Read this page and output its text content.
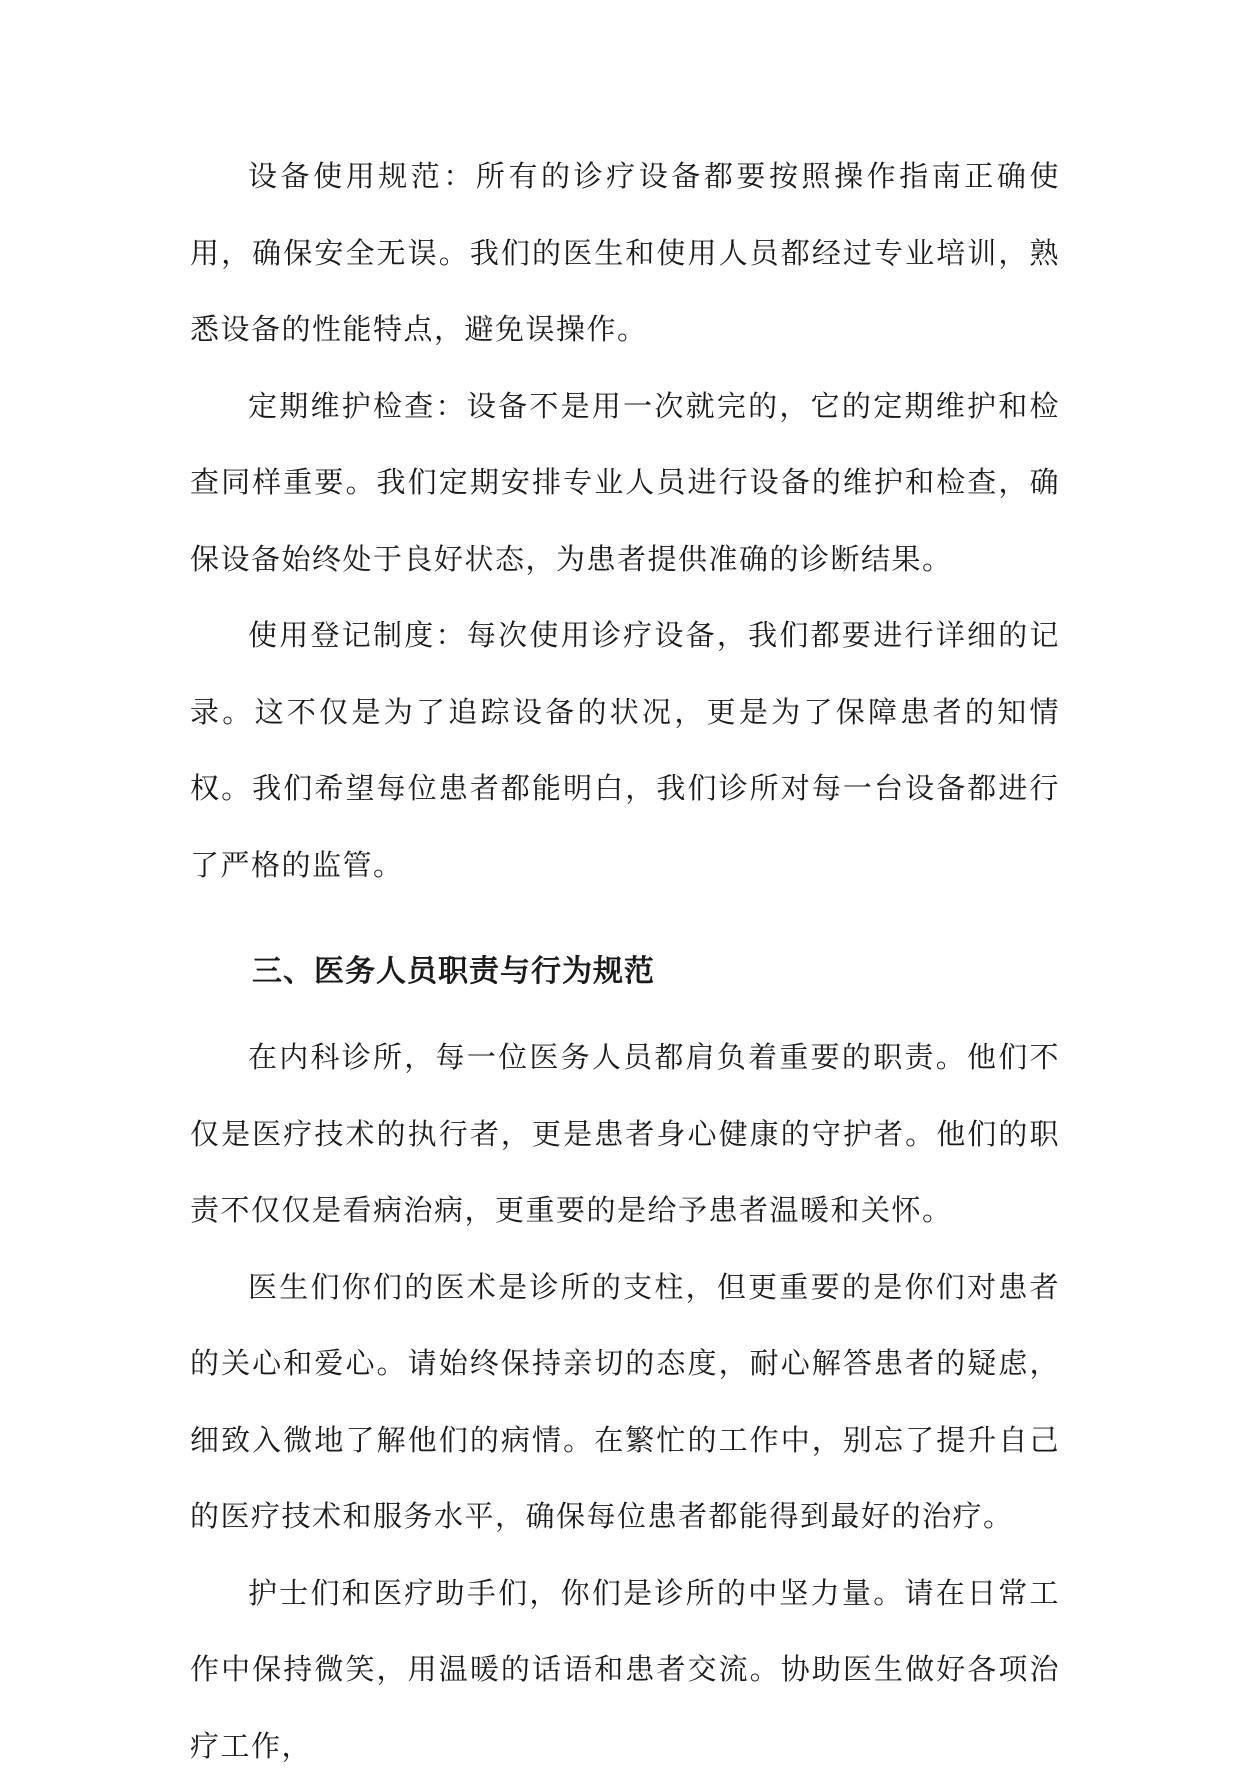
设备使用规范：所有的诊疗设备都要按照操作指南正确使用，确保安全无误。我们的医生和使用人员都经过专业培训，熟悉设备的性能特点，避免误操作。

定期维护检查：设备不是用一次就完的，它的定期维护和检查同样重要。我们定期安排专业人员进行设备的维护和检查，确保设备始终处于良好状态，为患者提供准确的诊断结果。

使用登记制度：每次使用诊疗设备，我们都要进行详细的记录。这不仅是为了追踪设备的状况，更是为了保障患者的知情权。我们希望每位患者都能明白，我们诊所对每一台设备都进行了严格的监管。

三、医务人员职责与行为规范

在内科诊所，每一位医务人员都肩负着重要的职责。他们不仅是医疗技术的执行者，更是患者身心健康的守护者。他们的职责不仅仅是看病治病，更重要的是给予患者温暖和关怀。

医生们你们的医术是诊所的支柱，但更重要的是你们对患者的关心和爱心。请始终保持亲切的态度，耐心解答患者的疑虑，细致入微地了解他们的病情。在繁忙的工作中，别忘了提升自己的医疗技术和服务水平，确保每位患者都能得到最好的治疗。

护士们和医疗助手们，你们是诊所的中坚力量。请在日常工作中保持微笑，用温暖的话语和患者交流。协助医生做好各项治疗工作，
